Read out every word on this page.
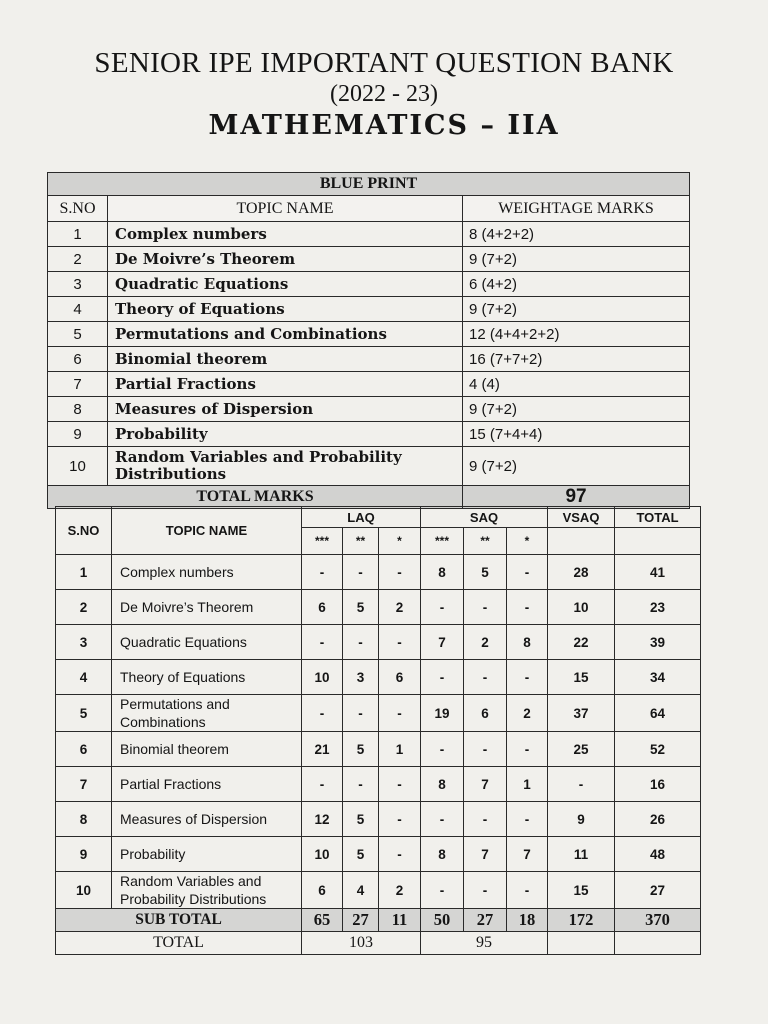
SENIOR IPE IMPORTANT QUESTION BANK
(2022 - 23)
MATHEMATICS – IIA
BLUE PRINT		
S.NO	TOPIC NAME	WEIGHTAGE MARKS
1	Complex numbers	8 (4+2+2)
2	De Moivre’s Theorem	9 (7+2)
3	Quadratic Equations	6 (4+2)
4	Theory of Equations	9 (7+2)
5	Permutations and Combinations	12 (4+4+2+2)
6	Binomial theorem	16 (7+7+2)
7	Partial Fractions	4 (4)
8	Measures of Dispersion	9 (7+2)
9	Probability	15 (7+4+4)
10	Random Variables and Probability Distributions	9 (7+2)
TOTAL MARKS		97
S.NO	TOPIC NAME	LAQ			SAQ			VSAQ	TOTAL
		***	**	*	***	**	*		
1	Complex numbers	-	-	-	8	5	-	28	41
2	De Moivre’s Theorem	6	5	2	-	-	-	10	23
3	Quadratic Equations	-	-	-	7	2	8	22	39
4	Theory of Equations	10	3	6	-	-	-	15	34
5	Permutations and Combinations	-	-	-	19	6	2	37	64
6	Binomial theorem	21	5	1	-	-	-	25	52
7	Partial Fractions	-	-	-	8	7	1	-	16
8	Measures of Dispersion	12	5	-	-	-	-	9	26
9	Probability	10	5	-	8	7	7	11	48
10	Random Variables and Probability Distributions	6	4	2	-	-	-	15	27
SUB TOTAL		65	27	11	50	27	18	172	370
TOTAL		103			95				
